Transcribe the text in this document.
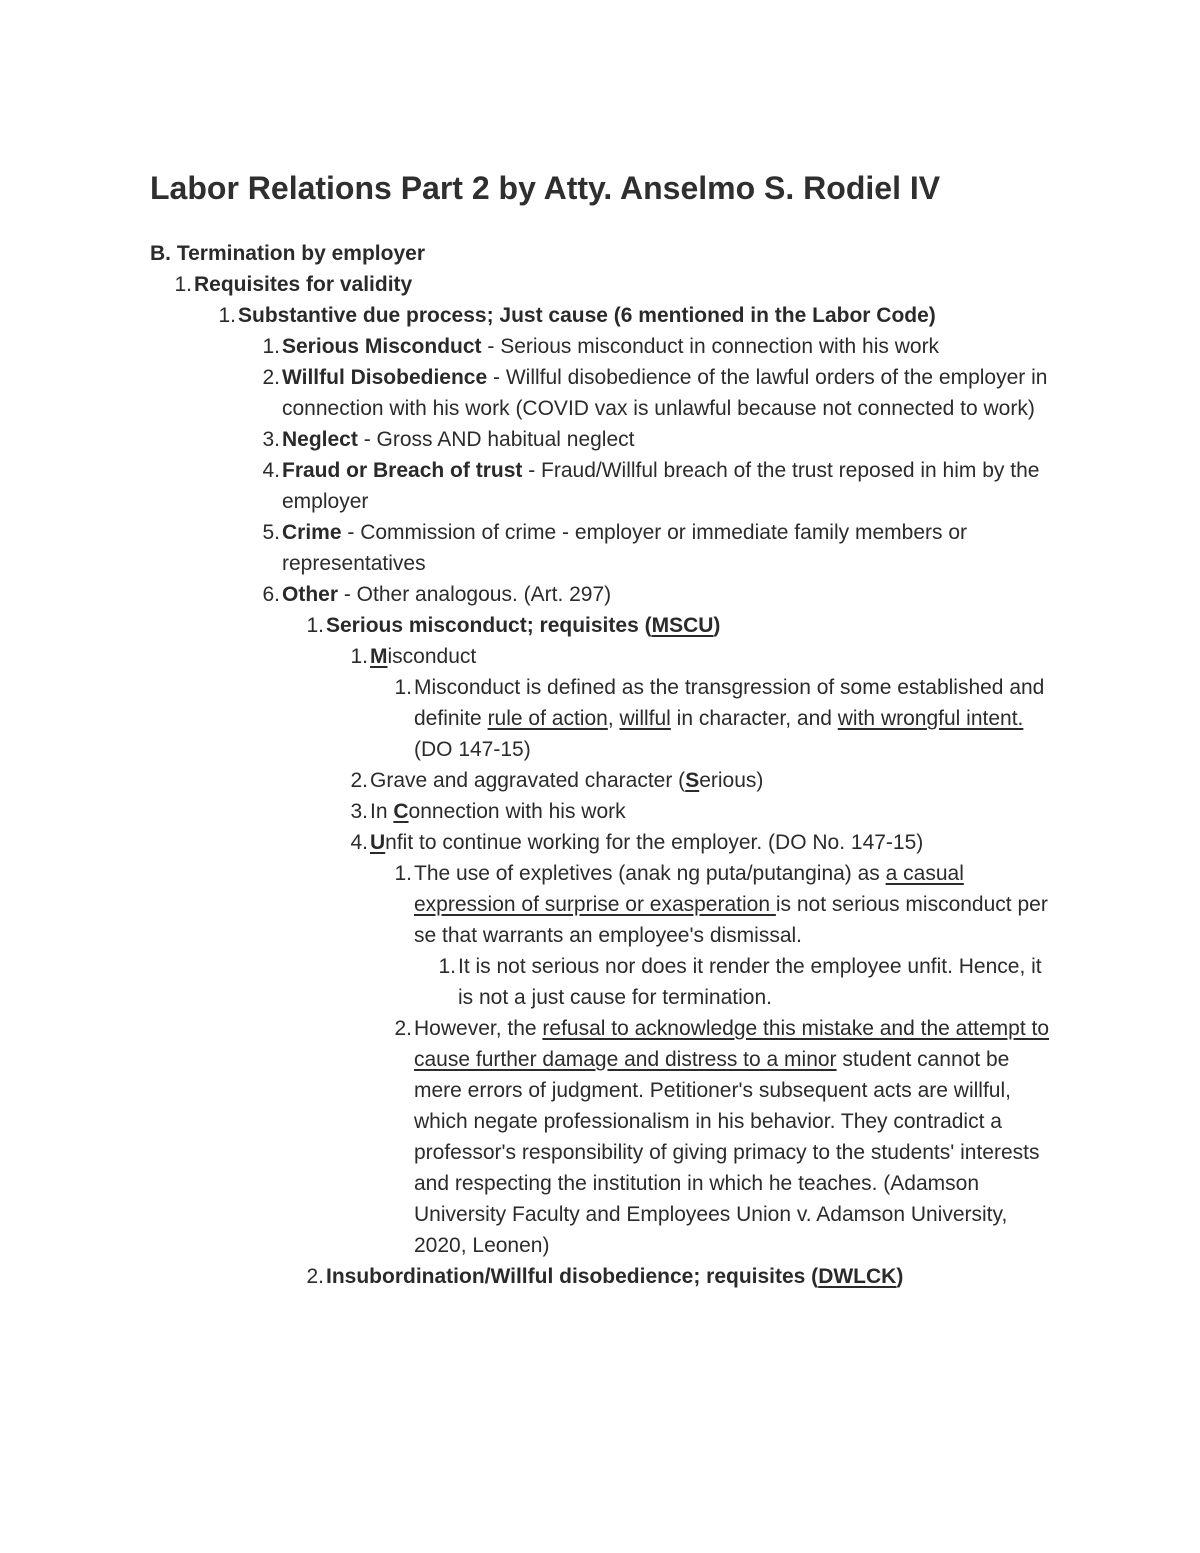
Labor Relations Part 2 by Atty. Anselmo S. Rodiel IV

B. Termination by employer

1. Requisites for validity
1. Substantive due process; Just cause (6 mentioned in the Labor Code)
1. Serious Misconduct - Serious misconduct in connection with his work
2. Willful Disobedience - Willful disobedience of the lawful orders of the employer in connection with his work (COVID vax is unlawful because not connected to work)
3. Neglect - Gross AND habitual neglect
4. Fraud or Breach of trust - Fraud/Willful breach of the trust reposed in him by the employer
5. Crime - Commission of crime - employer or immediate family members or representatives
6. Other - Other analogous. (Art. 297)
1. Serious misconduct; requisites (MSCU)
1. Misconduct
1. Misconduct is defined as the transgression of some established and definite rule of action, willful in character, and with wrongful intent. (DO 147-15)
2. Grave and aggravated character (Serious)
3. In Connection with his work
4. Unfit to continue working for the employer. (DO No. 147-15)
1. The use of expletives (anak ng puta/putangina) as a casual expression of surprise or exasperation is not serious misconduct per se that warrants an employee's dismissal.
1. It is not serious nor does it render the employee unfit. Hence, it is not a just cause for termination.
2. However, the refusal to acknowledge this mistake and the attempt to cause further damage and distress to a minor student cannot be mere errors of judgment. Petitioner's subsequent acts are willful, which negate professionalism in his behavior. They contradict a professor's responsibility of giving primacy to the students' interests and respecting the institution in which he teaches. (Adamson University Faculty and Employees Union v. Adamson University, 2020, Leonen)
2. Insubordination/Willful disobedience; requisites (DWLCK)
